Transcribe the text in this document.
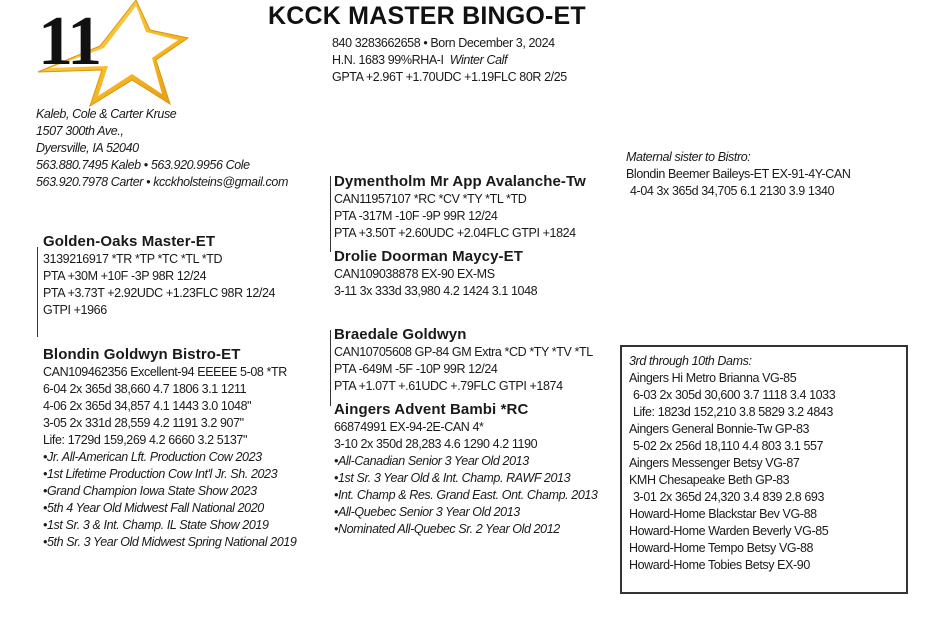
11	KCCK MASTER BINGO-ET
840 3283662658 • Born December 3, 2024
H.N. 1683 99%RHA-I Winter Calf
GPTA +2.96T +1.70UDC +1.19FLC 80R 2/25
Kaleb, Cole & Carter Kruse
1507 300th Ave.,
Dyersville, IA 52040
563.880.7495 Kaleb • 563.920.9956 Cole
563.920.7978 Carter • kcckholsteins@gmail.com
Golden-Oaks Master-ET
3139216917 *TR *TP *TC *TL *TD
PTA +30M +10F -3P 98R 12/24
PTA +3.73T +2.92UDC +1.23FLC 98R 12/24
GTPI +1966
Blondin Goldwyn Bistro-ET
CAN109462356 Excellent-94 EEEEE 5-08 *TR
6-04 2x 365d 38,660 4.7 1806 3.1 1211
4-06 2x 365d 34,857 4.1 1443 3.0 1048"
3-05 2x 331d 28,559 4.2 1191 3.2 907"
Life: 1729d 159,269 4.2 6660 3.2 5137"
•Jr. All-American Lft. Production Cow 2023
•1st Lifetime Production Cow Int'l Jr. Sh. 2023
•Grand Champion Iowa State Show 2023
•5th 4 Year Old Midwest Fall National 2020
•1st Sr. 3 & Int. Champ. IL State Show 2019
•5th Sr. 3 Year Old Midwest Spring National 2019
Dymentholm Mr App Avalanche-Tw
CAN11957107 *RC *CV *TY *TL *TD
PTA -317M -10F -9P 99R 12/24
PTA +3.50T +2.60UDC +2.04FLC GTPI +1824
Drolie Doorman Maycy-ET
CAN109038878 EX-90 EX-MS
3-11 3x 333d 33,980 4.2 1424 3.1 1048
Braedale Goldwyn
CAN10705608 GP-84 GM Extra *CD *TY *TV *TL
PTA -649M -5F -10P 99R 12/24
PTA +1.07T +.61UDC +.79FLC GTPI +1874
Aingers Advent Bambi *RC
66874991 EX-94-2E-CAN 4*
3-10 2x 350d 28,283 4.6 1290 4.2 1190
•All-Canadian Senior 3 Year Old 2013
•1st Sr. 3 Year Old & Int. Champ. RAWF 2013
•Int. Champ & Res. Grand East. Ont. Champ. 2013
•All-Quebec Senior 3 Year Old 2013
•Nominated All-Quebec Sr. 2 Year Old 2012
Maternal sister to Bistro:
Blondin Beemer Baileys-ET EX-91-4Y-CAN
4-04 3x 365d 34,705 6.1 2130 3.9 1340
3rd through 10th Dams:
Aingers Hi Metro Brianna VG-85
6-03 2x 305d 30,600 3.7 1118 3.4 1033
Life: 1823d 152,210 3.8 5829 3.2 4843
Aingers General Bonnie-Tw GP-83
5-02 2x 256d 18,110 4.4 803 3.1 557
Aingers Messenger Betsy VG-87
KMH Chesapeake Beth GP-83
3-01 2x 365d 24,320 3.4 839 2.8 693
Howard-Home Blackstar Bev VG-88
Howard-Home Warden Beverly VG-85
Howard-Home Tempo Betsy VG-88
Howard-Home Tobies Betsy EX-90
